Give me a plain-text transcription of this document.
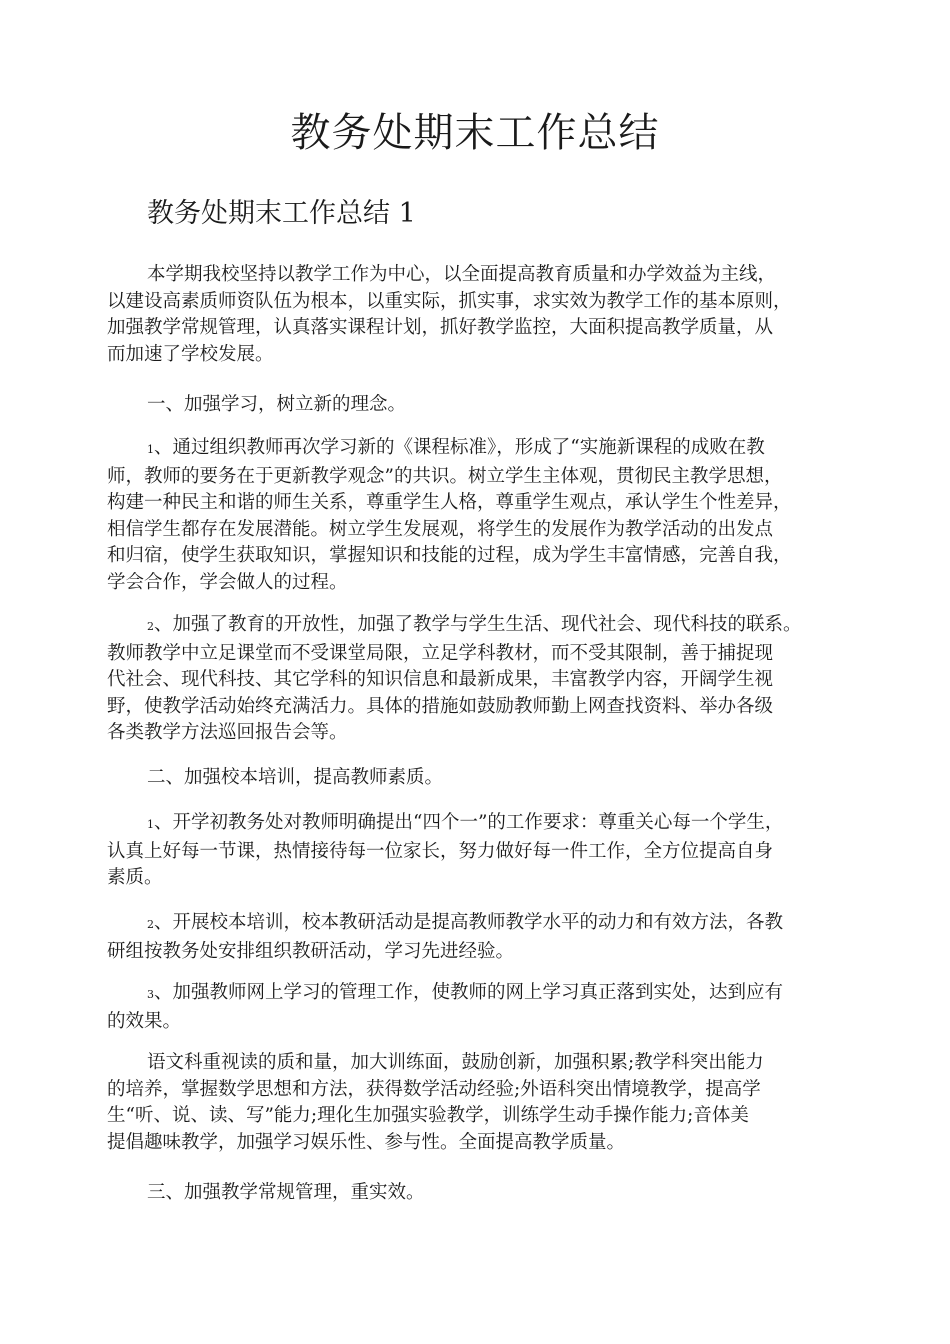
教务处期末工作总结
教务处期末工作总结 1
本学期我校坚持以教学工作为中心，以全面提高教育质量和办学效益为主线，
以建设高素质师资队伍为根本，以重实际，抓实事，求实效为教学工作的基本原则，
加强教学常规管理，认真落实课程计划，抓好教学监控，大面积提高教学质量，从
而加速了学校发展。
一、加强学习，树立新的理念。
1、通过组织教师再次学习新的《课程标准》，形成了“实施新课程的成败在教
师，教师的要务在于更新教学观念”的共识。树立学生主体观，贯彻民主教学思想，
构建一种民主和谐的师生关系，尊重学生人格，尊重学生观点，承认学生个性差异，
相信学生都存在发展潜能。树立学生发展观，将学生的发展作为教学活动的出发点
和归宿，使学生获取知识，掌握知识和技能的过程，成为学生丰富情感，完善自我，
学会合作，学会做人的过程。
2、加强了教育的开放性，加强了教学与学生生活、现代社会、现代科技的联系。
教师教学中立足课堂而不受课堂局限，立足学科教材，而不受其限制，善于捕捉现
代社会、现代科技、其它学科的知识信息和最新成果，丰富教学内容，开阔学生视
野，使教学活动始终充满活力。具体的措施如鼓励教师勤上网查找资料、举办各级
各类教学方法巡回报告会等。
二、加强校本培训，提高教师素质。
1、开学初教务处对教师明确提出“四个一”的工作要求：尊重关心每一个学生，
认真上好每一节课，热情接待每一位家长，努力做好每一件工作，全方位提高自身
素质。
2、开展校本培训，校本教研活动是提高教师教学水平的动力和有效方法，各教
研组按教务处安排组织教研活动，学习先进经验。
3、加强教师网上学习的管理工作，使教师的网上学习真正落到实处，达到应有
的效果。
语文科重视读的质和量，加大训练面，鼓励创新，加强积累;教学科突出能力
的培养，掌握数学思想和方法，获得数学活动经验;外语科突出情境教学，提高学
生“听、说、读、写”能力;理化生加强实验教学，训练学生动手操作能力;音体美
提倡趣味教学，加强学习娱乐性、参与性。全面提高教学质量。
三、加强教学常规管理，重实效。
